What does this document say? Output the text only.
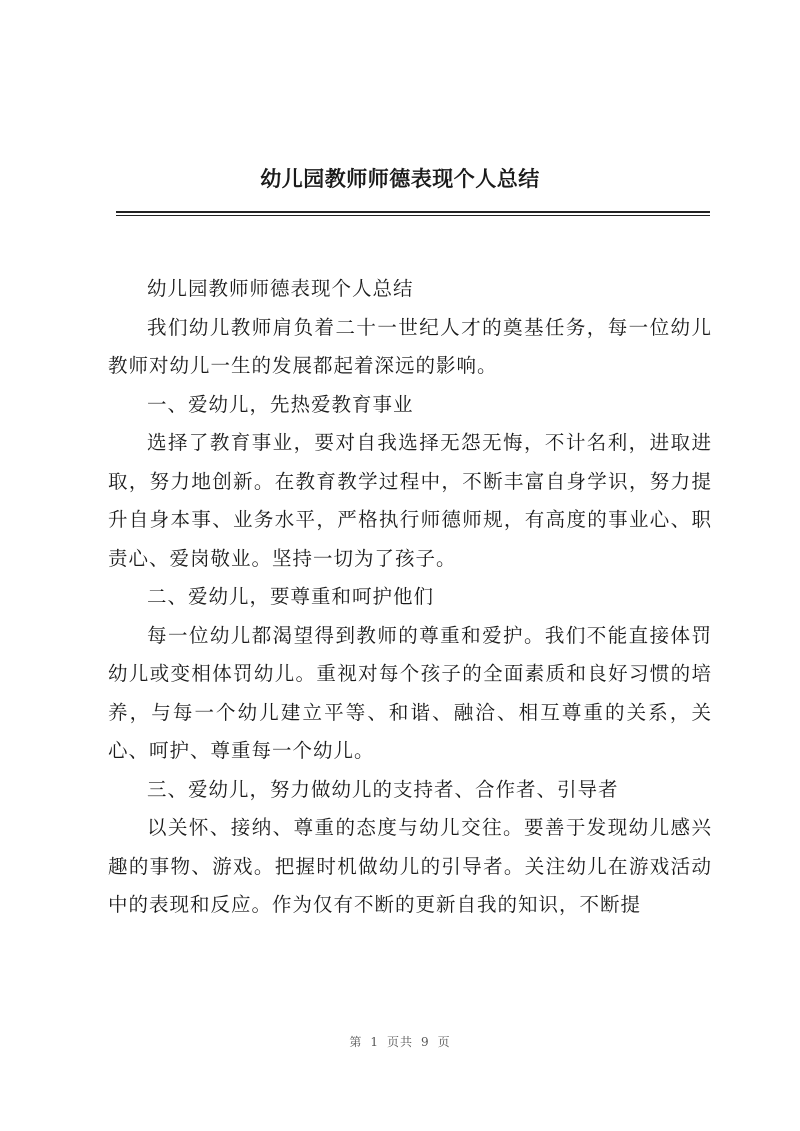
幼儿园教师师德表现个人总结

幼儿园教师师德表现个人总结

我们幼儿教师肩负着二十一世纪人才的奠基任务，每一位幼儿教师对幼儿一生的发展都起着深远的影响。

一、爱幼儿，先热爱教育事业

选择了教育事业，要对自我选择无怨无悔，不计名利，进取进取，努力地创新。在教育教学过程中，不断丰富自身学识，努力提升自身本事、业务水平，严格执行师德师规，有高度的事业心、职责心、爱岗敬业。坚持一切为了孩子。

二、爱幼儿，要尊重和呵护他们

每一位幼儿都渴望得到教师的尊重和爱护。我们不能直接体罚幼儿或变相体罚幼儿。重视对每个孩子的全面素质和良好习惯的培养，与每一个幼儿建立平等、和谐、融洽、相互尊重的关系，关心、呵护、尊重每一个幼儿。

三、爱幼儿，努力做幼儿的支持者、合作者、引导者

以关怀、接纳、尊重的态度与幼儿交往。要善于发现幼儿感兴趣的事物、游戏。把握时机做幼儿的引导者。关注幼儿在游戏活动中的表现和反应。作为仅有不断的更新自我的知识，不断提

第 1 页共 9 页
